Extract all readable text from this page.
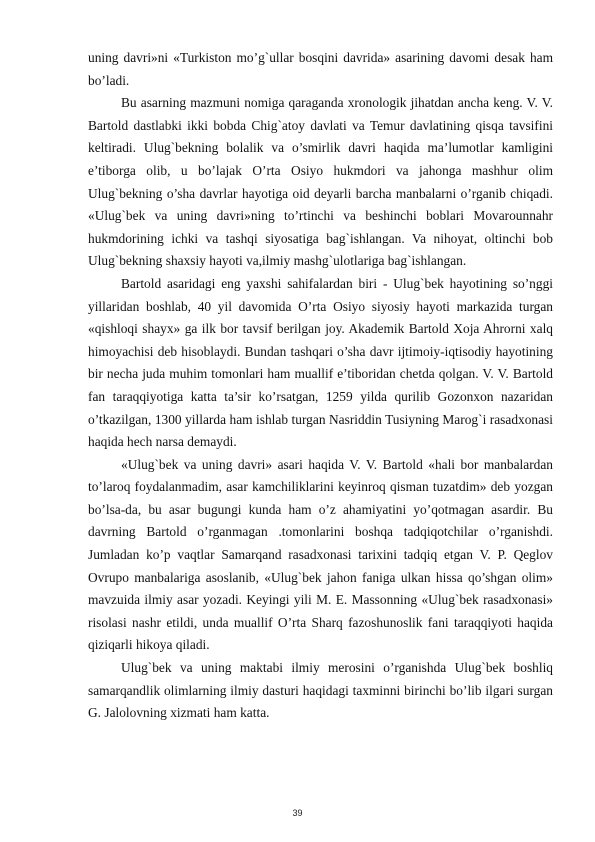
uning davri»ni «Turkiston mo’g`ullar bosqini davrida» asarining davomi desak ham bo’ladi.

Bu asarning mazmuni nomiga qaraganda xronologik jihatdan ancha keng. V. V. Bartold dastlabki ikki bobda Chig`atoy davlati va Temur davlatining qisqa tavsifini keltiradi. Ulug`bekning bolalik va o’smirlik davri haqida ma’lumotlar kamligini e’tiborga olib, u bo’lajak O’rta Osiyo hukmdori va jahonga mashhur olim Ulug`bekning o’sha davrlar hayotiga oid deyarli barcha manbalarni o’rganib chiqadi. «Ulug`bek va uning davri»ning to’rtinchi va beshinchi boblari Movarounnahr hukmdorining ichki va tashqi siyosatiga bag`ishlangan. Va nihoyat, oltinchi bob Ulug`bekning shaxsiy hayoti va,ilmiy mashg`ulotlariga bag`ishlangan.

Bartold asaridagi eng yaxshi sahifalardan biri - Ulug`bek hayotining so’nggi yillaridan boshlab, 40 yil davomida O’rta Osiyo siyosiy hayoti markazida turgan «qishloqi shayx» ga ilk bor tavsif berilgan joy. Akademik Bartold Xoja Ahrorni xalq himoyachisi deb hisoblaydi. Bundan tashqari o’sha davr ijtimoiy-iqtisodiy hayotining bir necha juda muhim tomonlari ham muallif e’tiboridan chetda qolgan. V. V. Bartold fan taraqqiyotiga katta ta’sir ko’rsatgan, 1259 yilda qurilib Gozonxon nazaridan o’tkazilgan, 1300 yillarda ham ishlab turgan Nasriddin Tusiyning Marog`i rasadxonasi haqida hech narsa demaydi.

«Ulug`bek va uning davri» asari haqida V. V. Bartold «hali bor manbalardan to’laroq foydalanmadim, asar kamchiliklarini keyinroq qisman tuzatdim» deb yozgan bo’lsa-da, bu asar bugungi kunda ham o’z ahamiyatini yo’qotmagan asardir. Bu davrning Bartold o’rganmagan .tomonlarini boshqa tadqiqotchilar o’rganishdi. Jumladan ko’p vaqtlar Samarqand rasadxonasi tarixini tadqiq etgan V. P. Qeglov Ovrupo manbalariga asoslanib, «Ulug`bek jahon faniga ulkan hissa qo’shgan olim» mavzuida ilmiy asar yozadi. Keyingi yili M. E. Massonning «Ulug`bek rasadxonasi» risolasi nashr etildi, unda muallif O’rta Sharq fazoshunoslik fani taraqqiyoti haqida qiziqarli hikoya qiladi.

Ulug`bek va uning maktabi ilmiy merosini o’rganishda Ulug`bek boshliq samarqandlik olimlarning ilmiy dasturi haqidagi taxminni birinchi bo’lib ilgari surgan G. Jalolovning xizmati ham katta.

39
